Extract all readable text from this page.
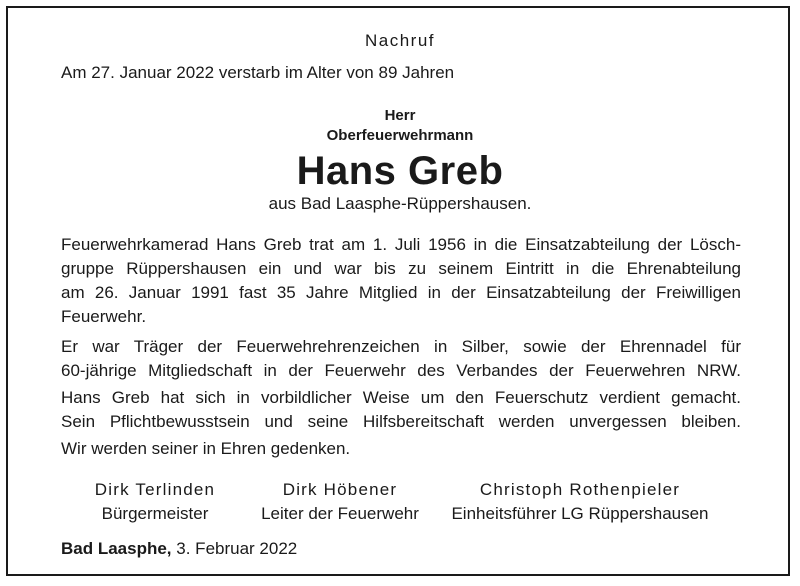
Nachruf
Am 27. Januar 2022 verstarb im Alter von 89 Jahren
Herr
Oberfeuerwehrmann
Hans Greb
aus Bad Laasphe-Rüppershausen.
Feuerwehrkamerad Hans Greb trat am 1. Juli 1956 in die Einsatzabteilung der Lösch-
gruppe Rüppershausen ein und war bis zu seinem Eintritt in die Ehrenabteilung
am 26. Januar 1991 fast 35 Jahre Mitglied in der Einsatzabteilung der Freiwilligen
Feuerwehr.
Er war Träger der Feuerwehrehrenzeichen in Silber, sowie der Ehrennadel für
60-jährige Mitgliedschaft in der Feuerwehr des Verbandes der Feuerwehren NRW.
Hans Greb hat sich in vorbildlicher Weise um den Feuerschutz verdient gemacht.
Sein Pflichtbewusstsein und seine Hilfsbereitschaft werden unvergessen bleiben.
Wir werden seiner in Ehren gedenken.
Dirk Terlinden
Bürgermeister
Dirk Höbener
Leiter der Feuerwehr
Christoph Rothenpieler
Einheitsführer LG Rüppershausen
Bad Laasphe, 3. Februar 2022
